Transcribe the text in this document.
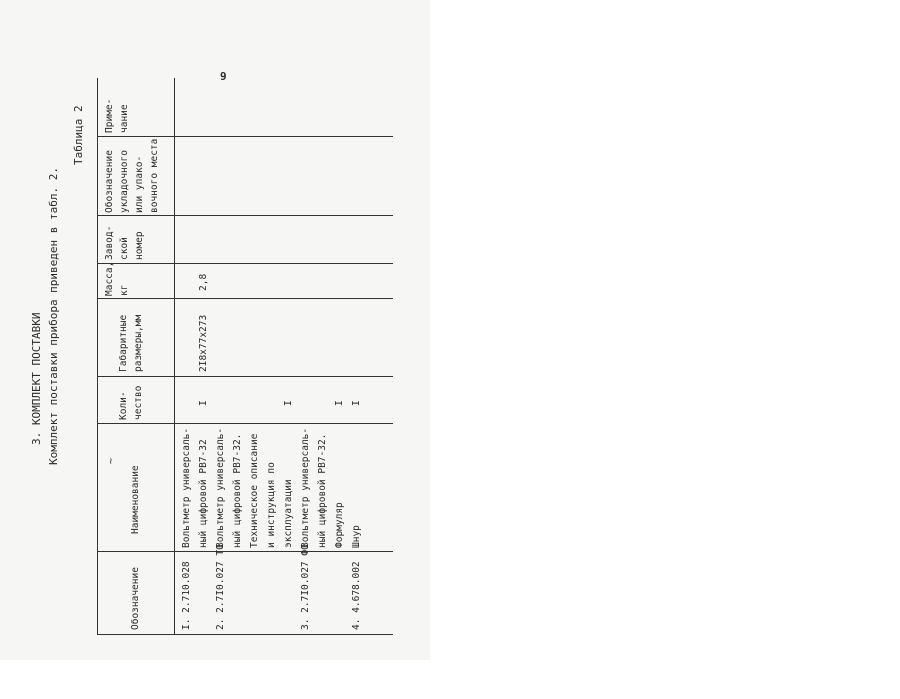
9
3. КОМПЛЕКТ ПОСТАВКИ Комплект поставки прибора приведен в табл. 2.
Таблица 2
Обозначение
Наименование
~
Коли- чество
Габаритные размеры,мм
Масса, кг
Завод- ской номер
Обозначение укладочного или упако- вочного места
Приме- чание
I. 2.710.028
Вольтметр универсаль- ный цифровой РВ7-32
I
2I8х77х273
2,8
2. 2.7I0.027 ТО
Вольтметр универсаль- ный цифровой РВ7-32. Техническое описание и инструкция по эксплуатации
I
3. 2.7I0.027 ФО
Вольтметр универсаль- ный цифровой РВ7-32. Формуляр
I
4. 4.678.002
Шнур
I
